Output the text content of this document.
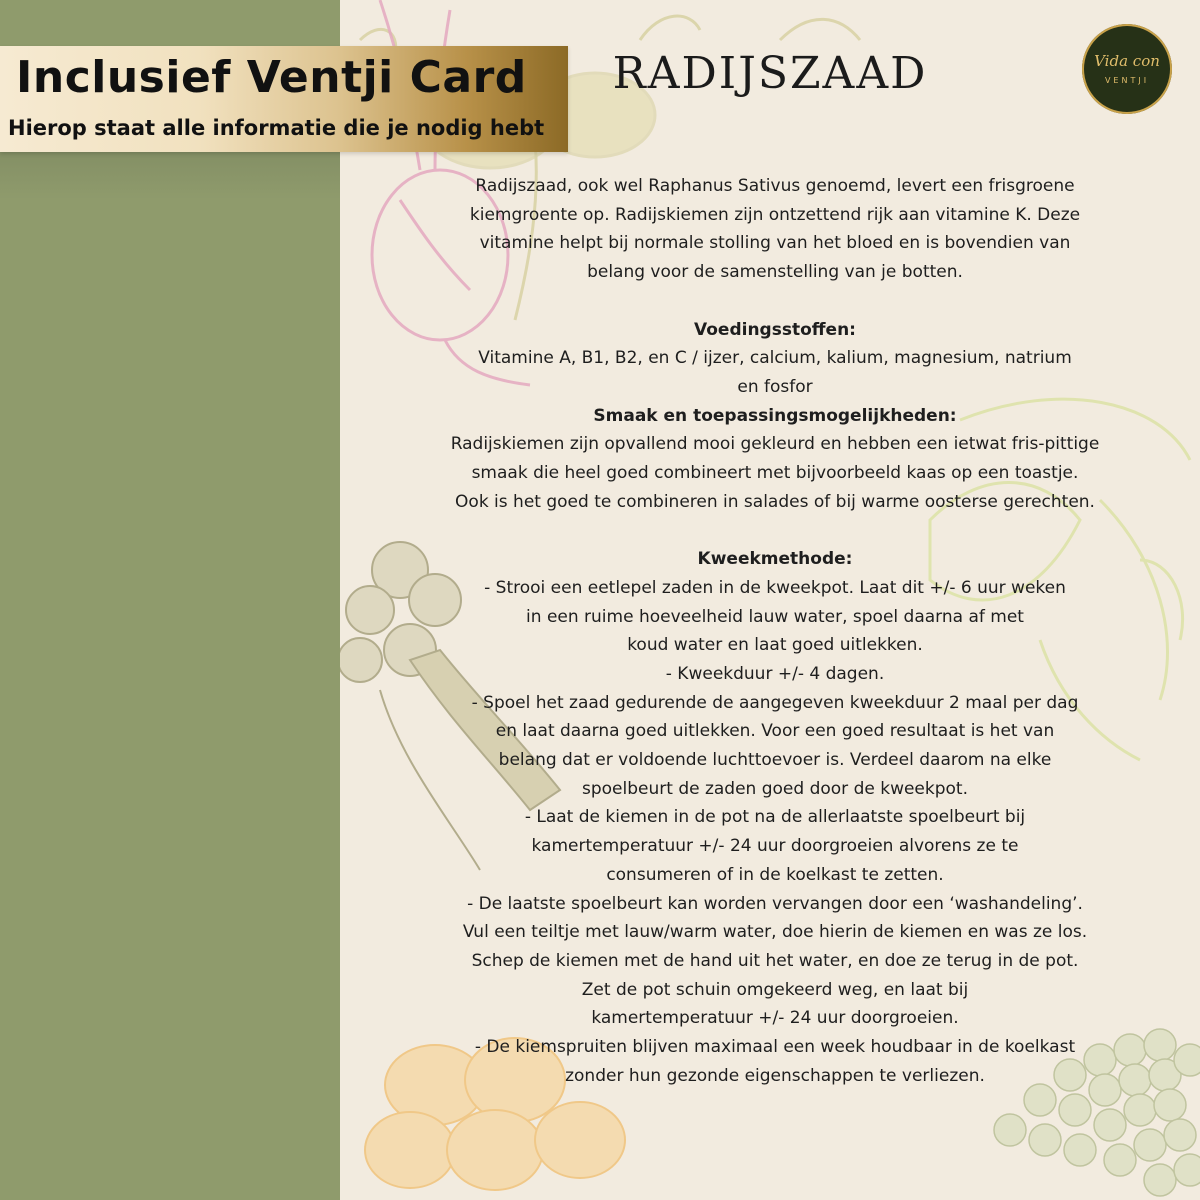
Inclusief Ventji Card
Hierop staat alle informatie die je nodig hebt
Vida con
VENTJI
RADIJSZAAD
Radijszaad, ook wel Raphanus Sativus genoemd, levert een frisgroene
kiemgroente op. Radijskiemen zijn ontzettend rijk aan vitamine K. Deze
vitamine helpt bij normale stolling van het bloed en is bovendien van
belang voor de samenstelling van je botten.
Voedingsstoffen:
Vitamine A, B1, B2, en C / ijzer, calcium, kalium, magnesium, natrium
en fosfor
Smaak en toepassingsmogelijkheden:
Radijskiemen zijn opvallend mooi gekleurd en hebben een ietwat fris-pittige
smaak die heel goed combineert met bijvoorbeeld kaas op een toastje.
Ook is het goed te combineren in salades of bij warme oosterse gerechten.
Kweekmethode:
- Strooi een eetlepel zaden in de kweekpot. Laat dit +/- 6 uur weken
in een ruime hoeveelheid lauw water, spoel daarna af met
koud water en laat goed uitlekken.
- Kweekduur +/- 4 dagen.
- Spoel het zaad gedurende de aangegeven kweekduur 2 maal per dag
en laat daarna goed uitlekken. Voor een goed resultaat is het van
belang dat er voldoende luchttoevoer is. Verdeel daarom na elke
spoelbeurt de zaden goed door de kweekpot.
- Laat de kiemen in de pot na de allerlaatste spoelbeurt bij
kamertemperatuur +/- 24 uur doorgroeien alvorens ze te
consumeren of in de koelkast te zetten.
- De laatste spoelbeurt kan worden vervangen door een ‘washandeling’.
Vul een teiltje met lauw/warm water, doe hierin de kiemen en was ze los.
Schep de kiemen met de hand uit het water, en doe ze terug in de pot.
Zet de pot schuin omgekeerd weg, en laat bij
kamertemperatuur +/- 24 uur doorgroeien.
- De kiemspruiten blijven maximaal een week houdbaar in de koelkast
zonder hun gezonde eigenschappen te verliezen.
